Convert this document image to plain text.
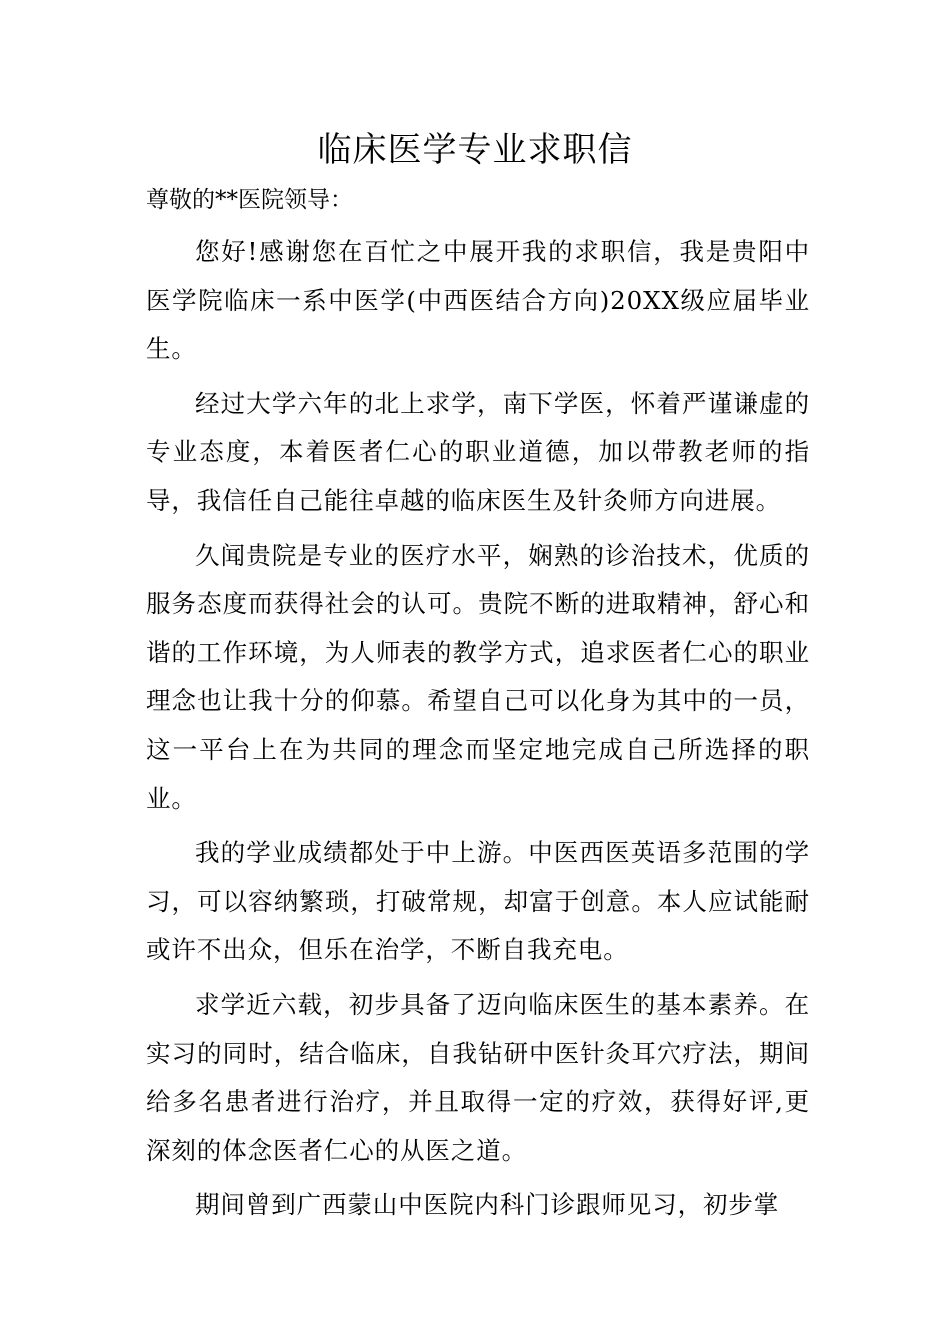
临床医学专业求职信

尊敬的**医院领导：

您好!感谢您在百忙之中展开我的求职信，我是贵阳中医学院临床一系中医学(中西医结合方向)20XX级应届毕业生。

经过大学六年的北上求学，南下学医，怀着严谨谦虚的专业态度，本着医者仁心的职业道德，加以带教老师的指导，我信任自己能往卓越的临床医生及针灸师方向进展。

久闻贵院是专业的医疗水平，娴熟的诊治技术，优质的服务态度而获得社会的认可。贵院不断的进取精神，舒心和谐的工作环境，为人师表的教学方式，追求医者仁心的职业理念也让我十分的仰慕。希望自己可以化身为其中的一员，这一平台上在为共同的理念而坚定地完成自己所选择的职业。

我的学业成绩都处于中上游。中医西医英语多范围的学习，可以容纳繁琐，打破常规，却富于创意。本人应试能耐或许不出众，但乐在治学，不断自我充电。

求学近六载，初步具备了迈向临床医生的基本素养。在实习的同时，结合临床，自我钻研中医针灸耳穴疗法，期间给多名患者进行治疗，并且取得一定的疗效，获得好评,更深刻的体念医者仁心的从医之道。

期间曾到广西蒙山中医院内科门诊跟师见习，初步掌
